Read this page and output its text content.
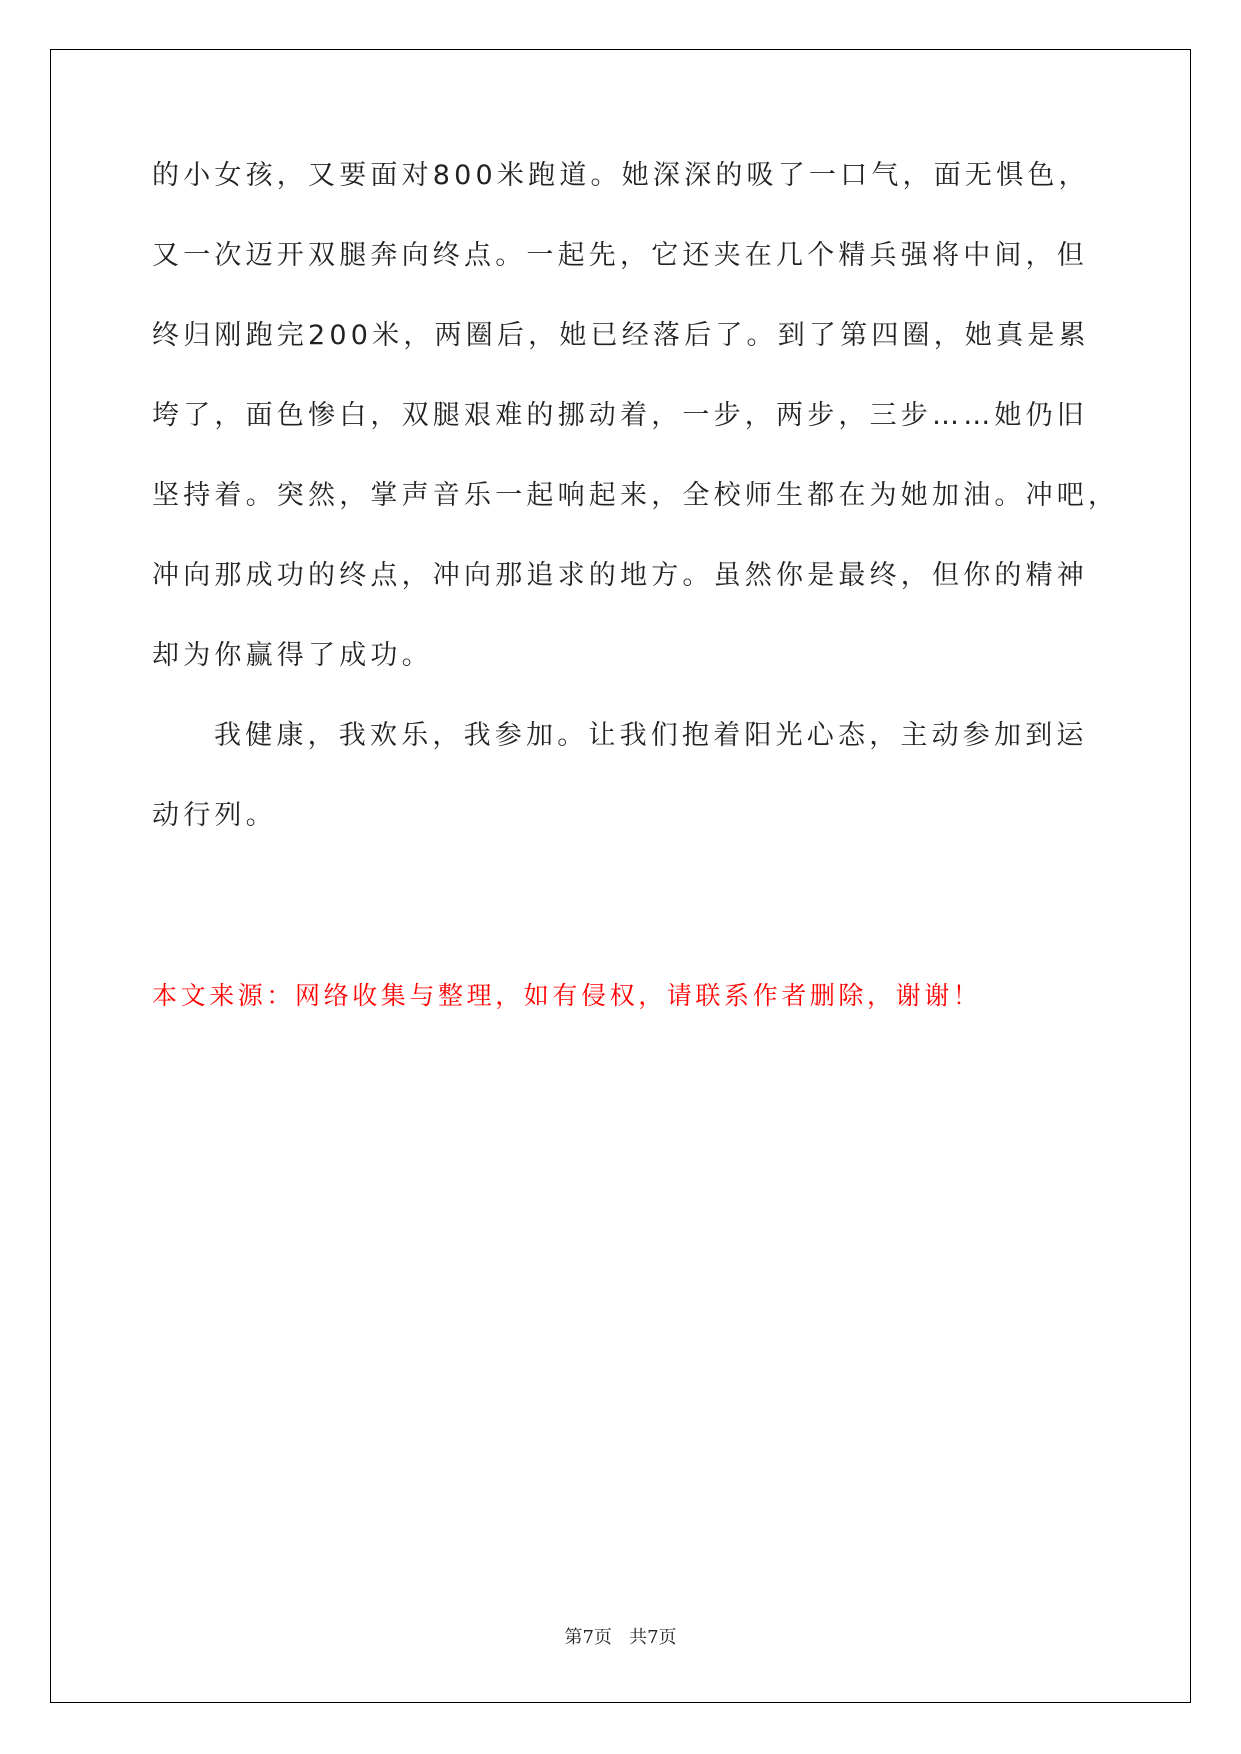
的小女孩，又要面对800米跑道。她深深的吸了一口气，面无惧色，
又一次迈开双腿奔向终点。一起先，它还夹在几个精兵强将中间，但
终归刚跑完200米，两圈后，她已经落后了。到了第四圈，她真是累
垮了，面色惨白，双腿艰难的挪动着，一步，两步，三步……她仍旧
坚持着。突然，掌声音乐一起响起来，全校师生都在为她加油。冲吧，
冲向那成功的终点，冲向那追求的地方。虽然你是最终，但你的精神
却为你赢得了成功。
我健康，我欢乐，我参加。让我们抱着阳光心态，主动参加到运
动行列。
本文来源：网络收集与整理，如有侵权，请联系作者删除，谢谢！
第7页 共7页
